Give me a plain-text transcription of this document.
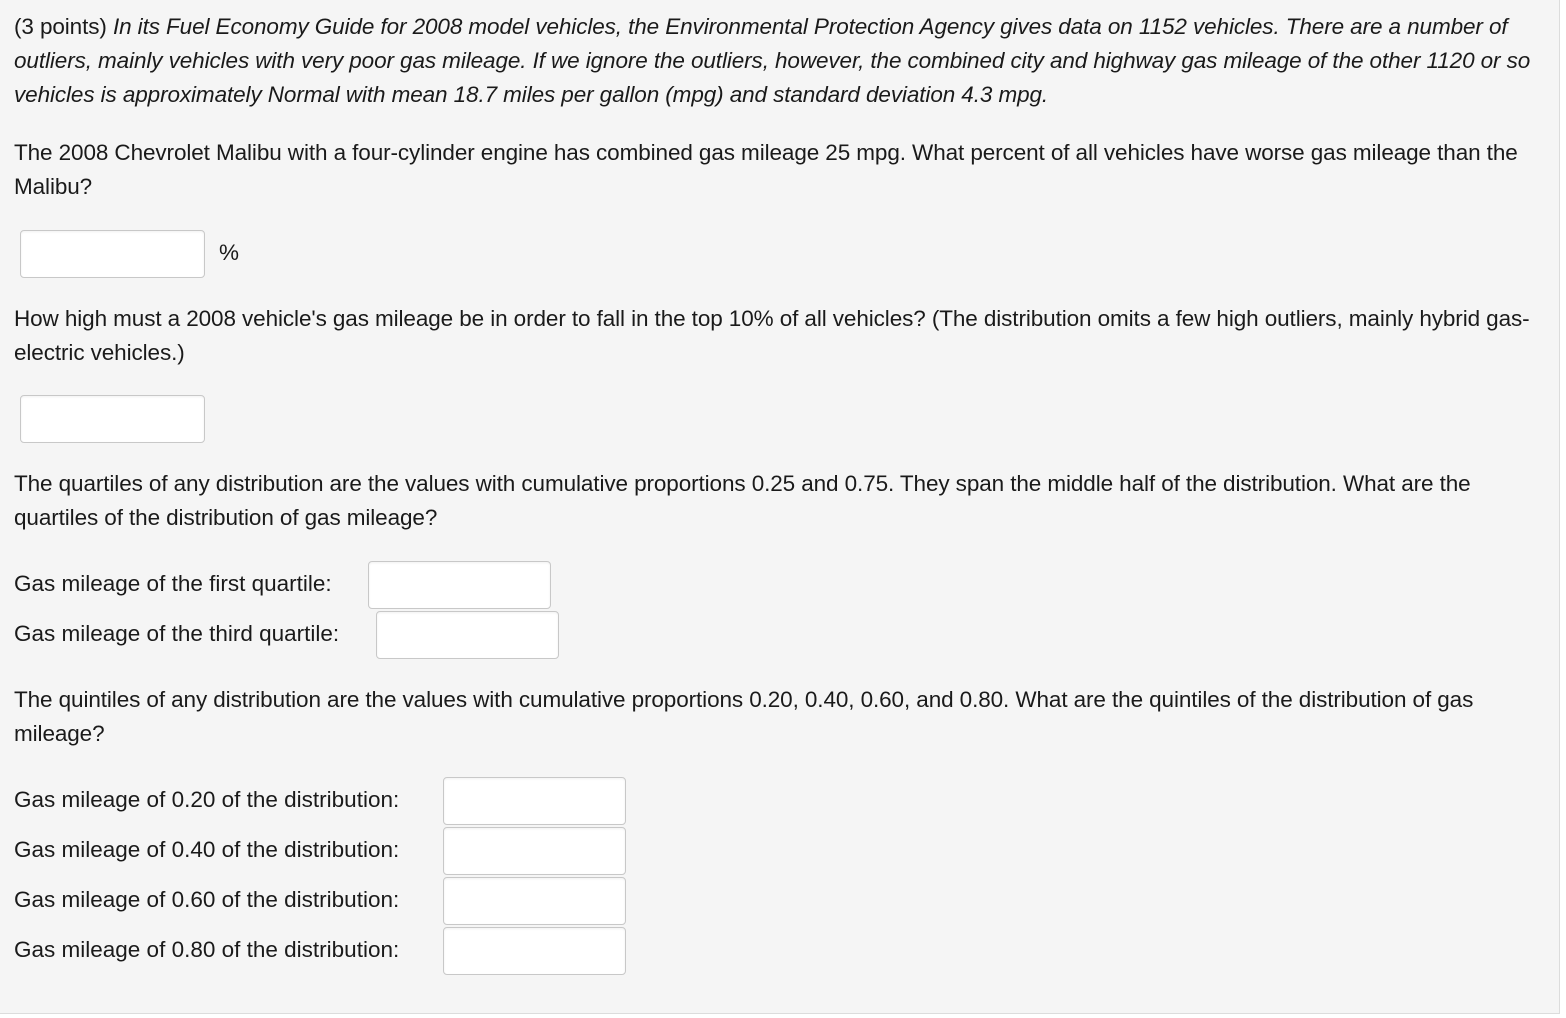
(3 points) In its Fuel Economy Guide for 2008 model vehicles, the Environmental Protection Agency gives data on 1152 vehicles. There are a number of outliers, mainly vehicles with very poor gas mileage. If we ignore the outliers, however, the combined city and highway gas mileage of the other 1120 or so vehicles is approximately Normal with mean 18.7 miles per gallon (mpg) and standard deviation 4.3 mpg.

The 2008 Chevrolet Malibu with a four-cylinder engine has combined gas mileage 25 mpg. What percent of all vehicles have worse gas mileage than the Malibu?

%

How high must a 2008 vehicle's gas mileage be in order to fall in the top 10% of all vehicles? (The distribution omits a few high outliers, mainly hybrid gas-electric vehicles.)

The quartiles of any distribution are the values with cumulative proportions 0.25 and 0.75. They span the middle half of the distribution. What are the quartiles of the distribution of gas mileage?

Gas mileage of the first quartile:
Gas mileage of the third quartile:

The quintiles of any distribution are the values with cumulative proportions 0.20, 0.40, 0.60, and 0.80. What are the quintiles of the distribution of gas mileage?

Gas mileage of 0.20 of the distribution:
Gas mileage of 0.40 of the distribution:
Gas mileage of 0.60 of the distribution:
Gas mileage of 0.80 of the distribution:
